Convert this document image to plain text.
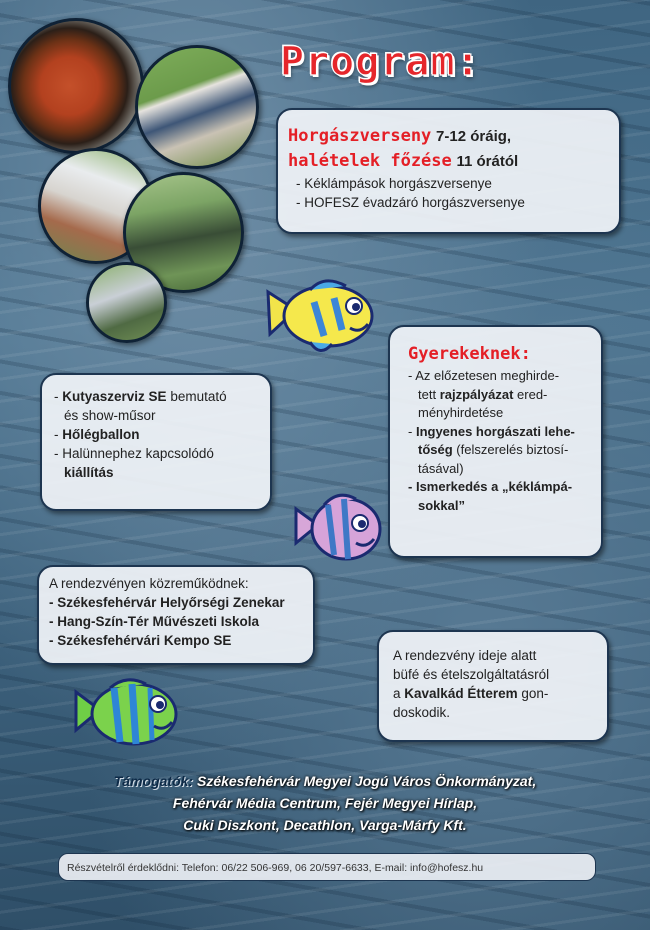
Program:
Horgászverseny 7-12 óráig,
halételek főzése 11 órától
- Kéklámpások horgászversenye
- HOFESZ évadzáró horgászversenye
Gyerekeknek:
- Az előzetesen meghirde-
tett rajzpályázat ered-
ményhirdetése
- Ingyenes horgászati lehe-
tőség (felszerelés biztosí-
tásával)
- Ismerkedés a „kéklámpá-
sokkal”
- Kutyaszerviz SE bemutató
és show-műsor
- Hőlégballon
- Halünnephez kapcsolódó
kiállítás
A rendezvényen közreműködnek:
- Székesfehérvár Helyőrségi Zenekar
- Hang-Szín-Tér Művészeti Iskola
- Székesfehérvári Kempo SE
A rendezvény ideje alatt
büfé és ételszolgáltatásról
a Kavalkád Étterem gon-
doskodik.
Támogatók: Székesfehérvár Megyei Jogú Város Önkormányzat,
Fehérvár Média Centrum, Fejér Megyei Hírlap,
Cuki Diszkont, Decathlon, Varga-Márfy Kft.
Részvételről érdeklődni: Telefon: 06/22 506-969, 06 20/597-6633, E-mail: info@hofesz.hu
